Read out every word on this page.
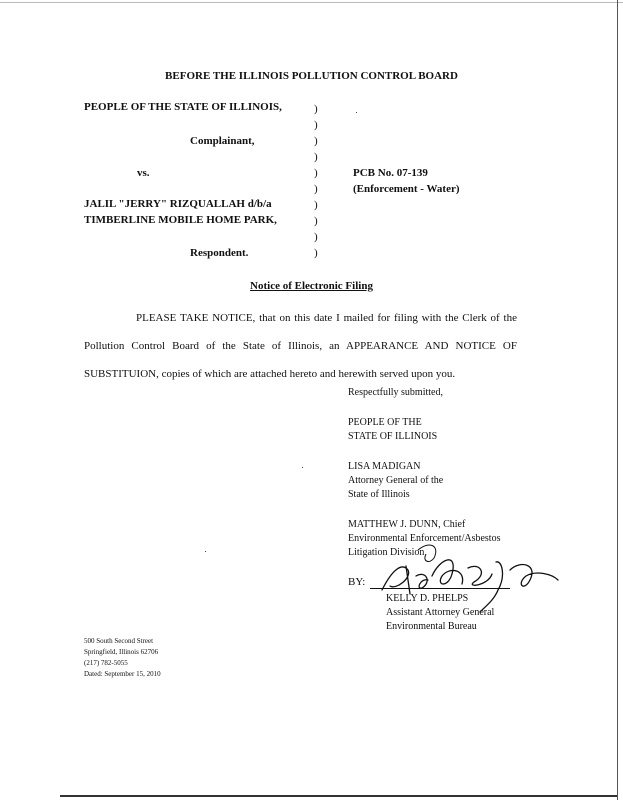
BEFORE THE ILLINOIS POLLUTION CONTROL BOARD
PEOPLE OF THE STATE OF ILLINOIS,
Complainant,
vs.
JALIL "JERRY" RIZQUALLAH d/b/a
TIMBERLINE MOBILE HOME PARK,
Respondent.
)
)
)
)
)
)
)
)
)
)
PCB No. 07-139
(Enforcement - Water)
Notice of Electronic Filing
PLEASE TAKE NOTICE, that on this date I mailed for filing with the Clerk of the
Pollution Control Board of the State of Illinois, an APPEARANCE AND NOTICE OF
SUBSTITUION, copies of which are attached hereto and herewith served upon you.
Respectfully submitted,
PEOPLE OF THE
STATE OF ILLINOIS
LISA MADIGAN
Attorney General of the
State of Illinois
MATTHEW J. DUNN, Chief
Environmental Enforcement/Asbestos
Litigation Division
BY:
KELLY D. PHELPS
Assistant Attorney General
Environmental Bureau
500 South Second Street
Springfield, Illinois 62706
(217) 782-5055
Dated: September 15, 2010
